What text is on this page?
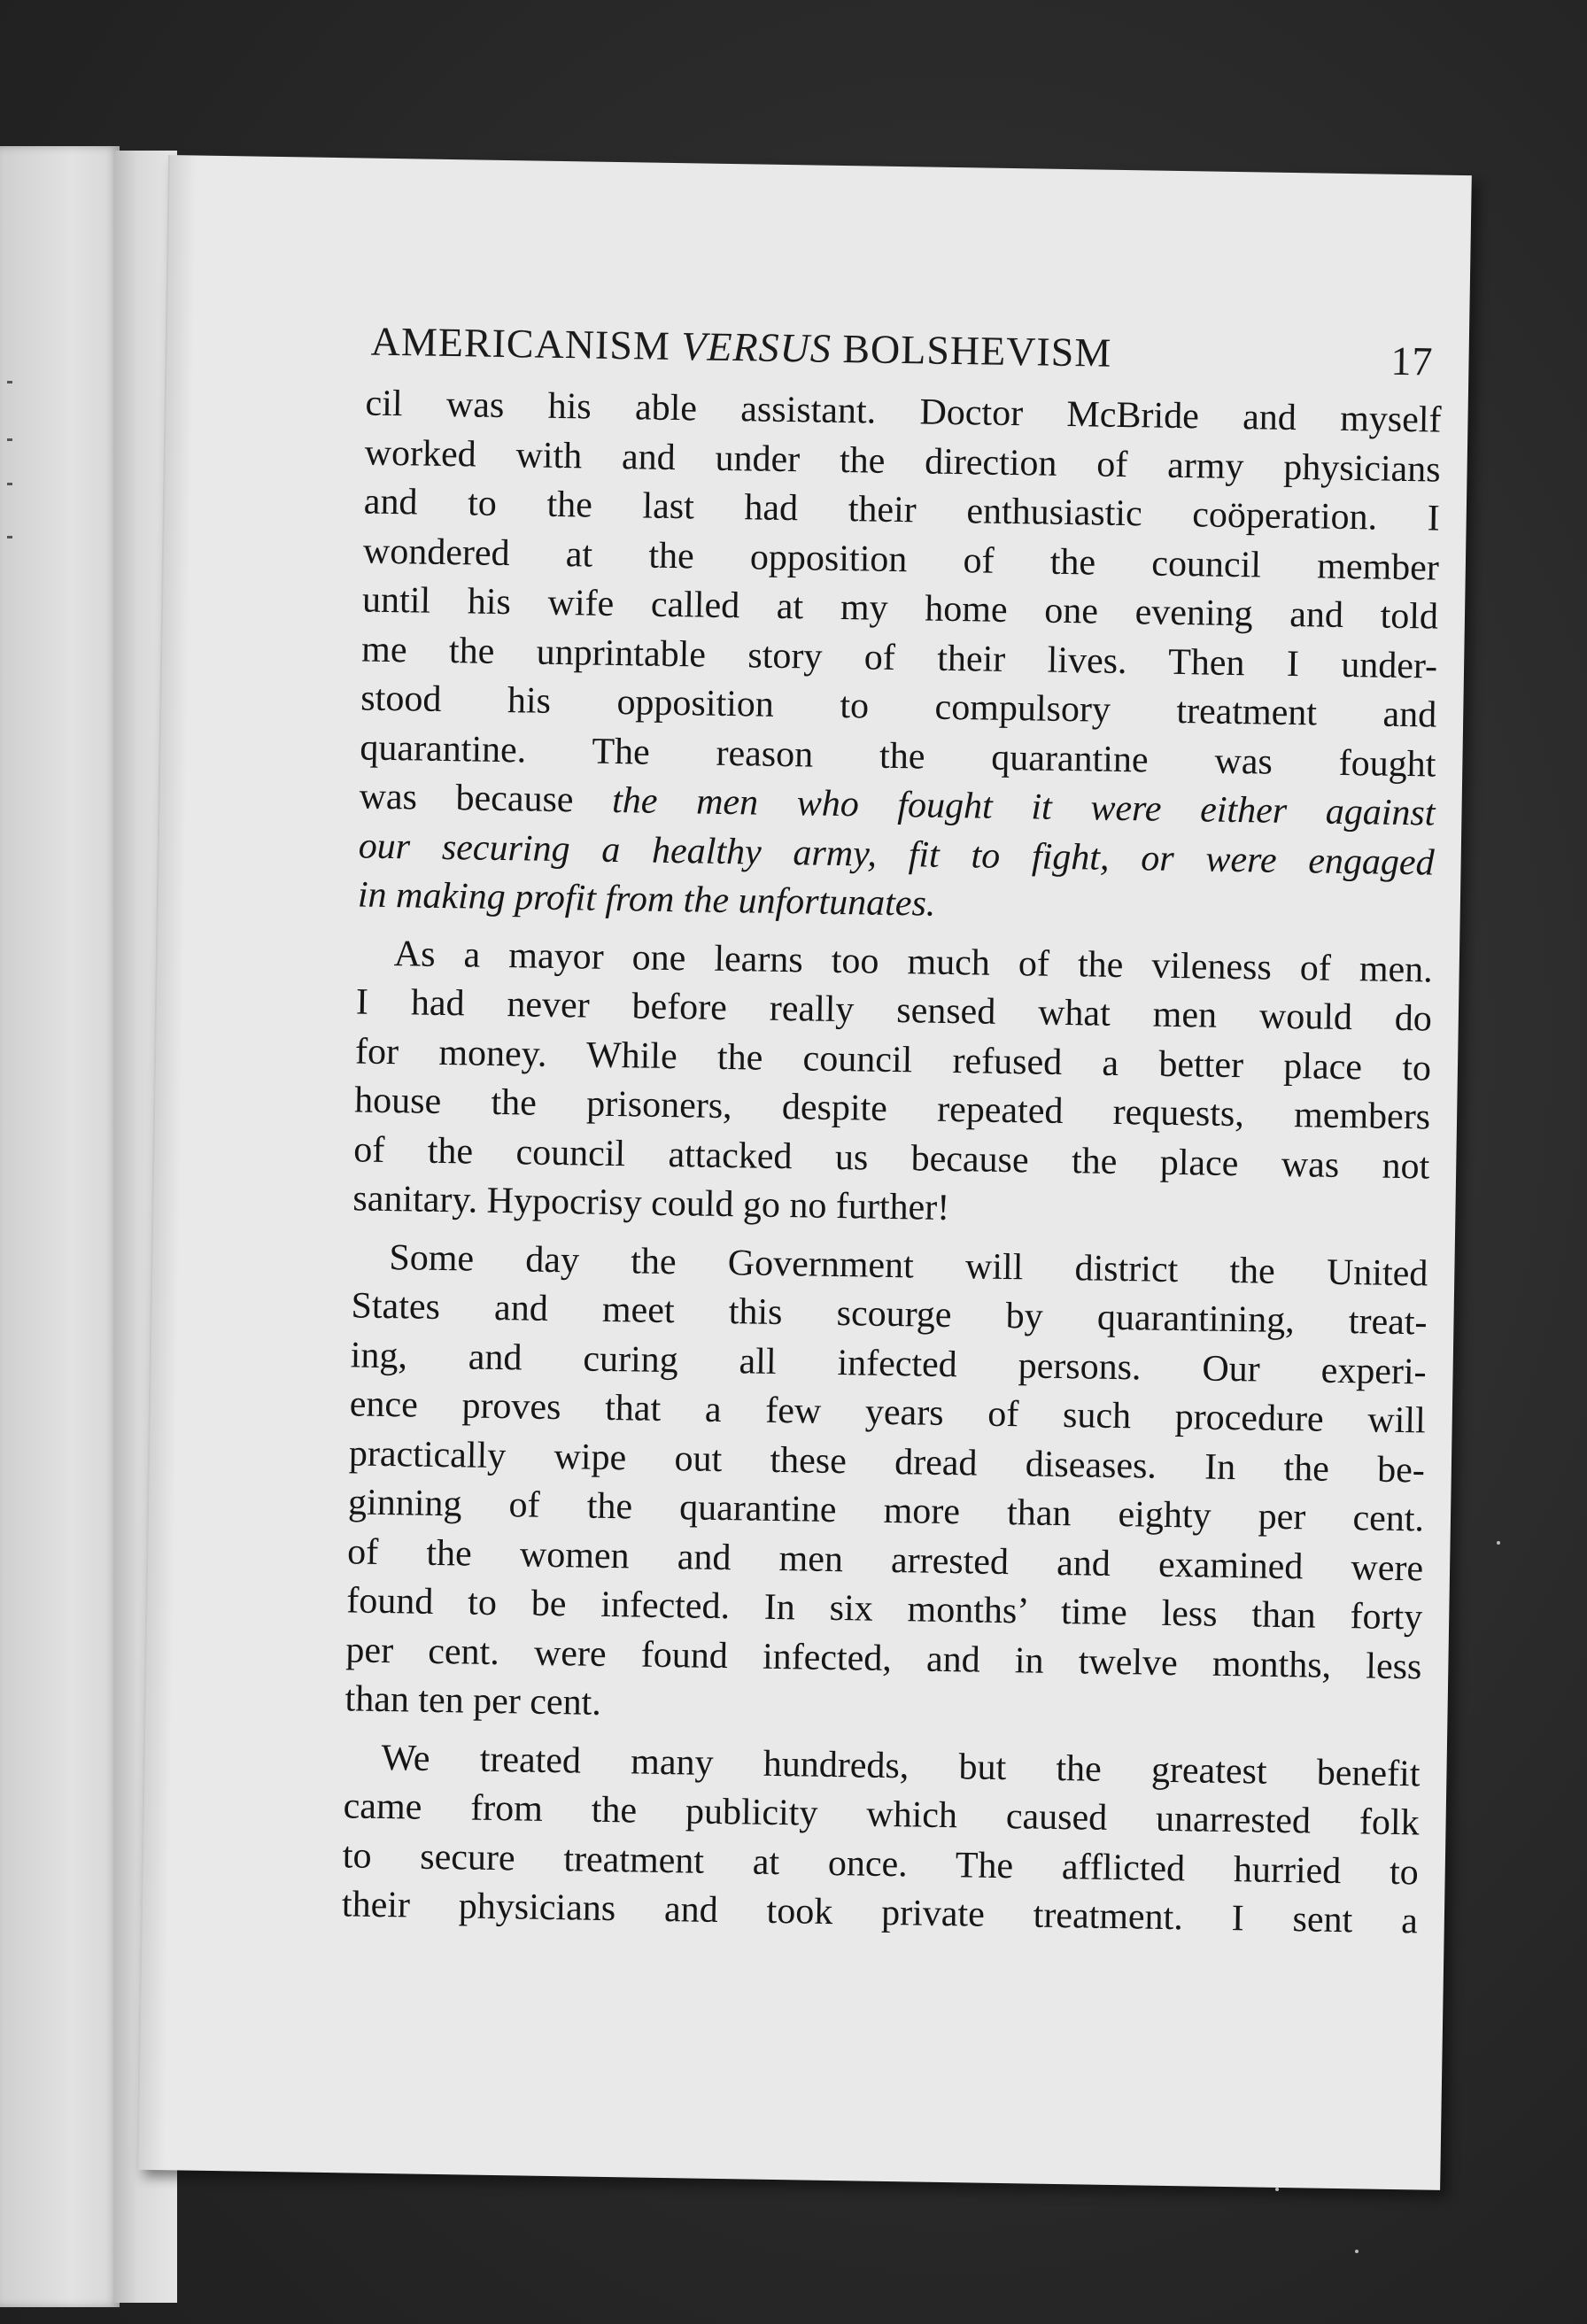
AMERICANISM VERSUS BOLSHEVISM	17
cil was his able assistant. Doctor McBride and myself
worked with and under the direction of army physicians
and to the last had their enthusiastic coöperation. I
wondered at the opposition of the council member
until his wife called at my home one evening and told
me the unprintable story of their lives. Then I under-
stood his opposition to compulsory treatment and
quarantine. The reason the quarantine was fought
was because the men who fought it were either against
our securing a healthy army, fit to fight, or were engaged
in making profit from the unfortunates.
As a mayor one learns too much of the vileness of men.
I had never before really sensed what men would do
for money. While the council refused a better place to
house the prisoners, despite repeated requests, members
of the council attacked us because the place was not
sanitary. Hypocrisy could go no further!
Some day the Government will district the United
States and meet this scourge by quarantining, treat-
ing, and curing all infected persons. Our experi-
ence proves that a few years of such procedure will
practically wipe out these dread diseases. In the be-
ginning of the quarantine more than eighty per cent.
of the women and men arrested and examined were
found to be infected. In six months’ time less than forty
per cent. were found infected, and in twelve months, less
than ten per cent.
We treated many hundreds, but the greatest benefit
came from the publicity which caused unarrested folk
to secure treatment at once. The afflicted hurried to
their physicians and took private treatment. I sent a
